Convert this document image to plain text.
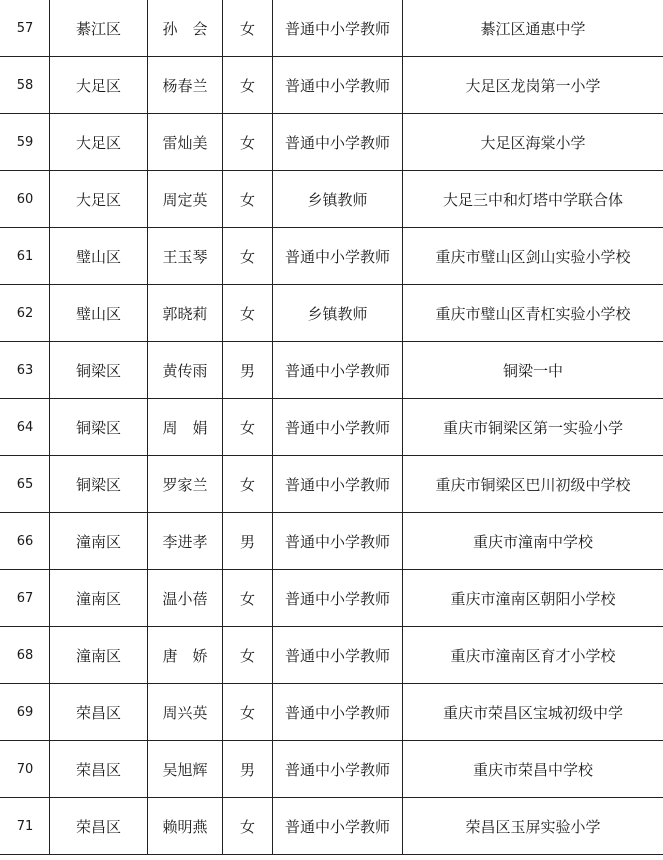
57	綦江区	孙　会	女	普通中小学教师	綦江区通惠中学
58	大足区	杨春兰	女	普通中小学教师	大足区龙岗第一小学
59	大足区	雷灿美	女	普通中小学教师	大足区海棠小学
60	大足区	周定英	女	乡镇教师	大足三中和灯塔中学联合体
61	璧山区	王玉琴	女	普通中小学教师	重庆市璧山区剑山实验小学校
62	璧山区	郭晓莉	女	乡镇教师	重庆市璧山区青杠实验小学校
63	铜梁区	黄传雨	男	普通中小学教师	铜梁一中
64	铜梁区	周　娟	女	普通中小学教师	重庆市铜梁区第一实验小学
65	铜梁区	罗家兰	女	普通中小学教师	重庆市铜梁区巴川初级中学校
66	潼南区	李进孝	男	普通中小学教师	重庆市潼南中学校
67	潼南区	温小蓓	女	普通中小学教师	重庆市潼南区朝阳小学校
68	潼南区	唐　娇	女	普通中小学教师	重庆市潼南区育才小学校
69	荣昌区	周兴英	女	普通中小学教师	重庆市荣昌区宝城初级中学
70	荣昌区	吴旭辉	男	普通中小学教师	重庆市荣昌中学校
71	荣昌区	赖明燕	女	普通中小学教师	荣昌区玉屏实验小学
